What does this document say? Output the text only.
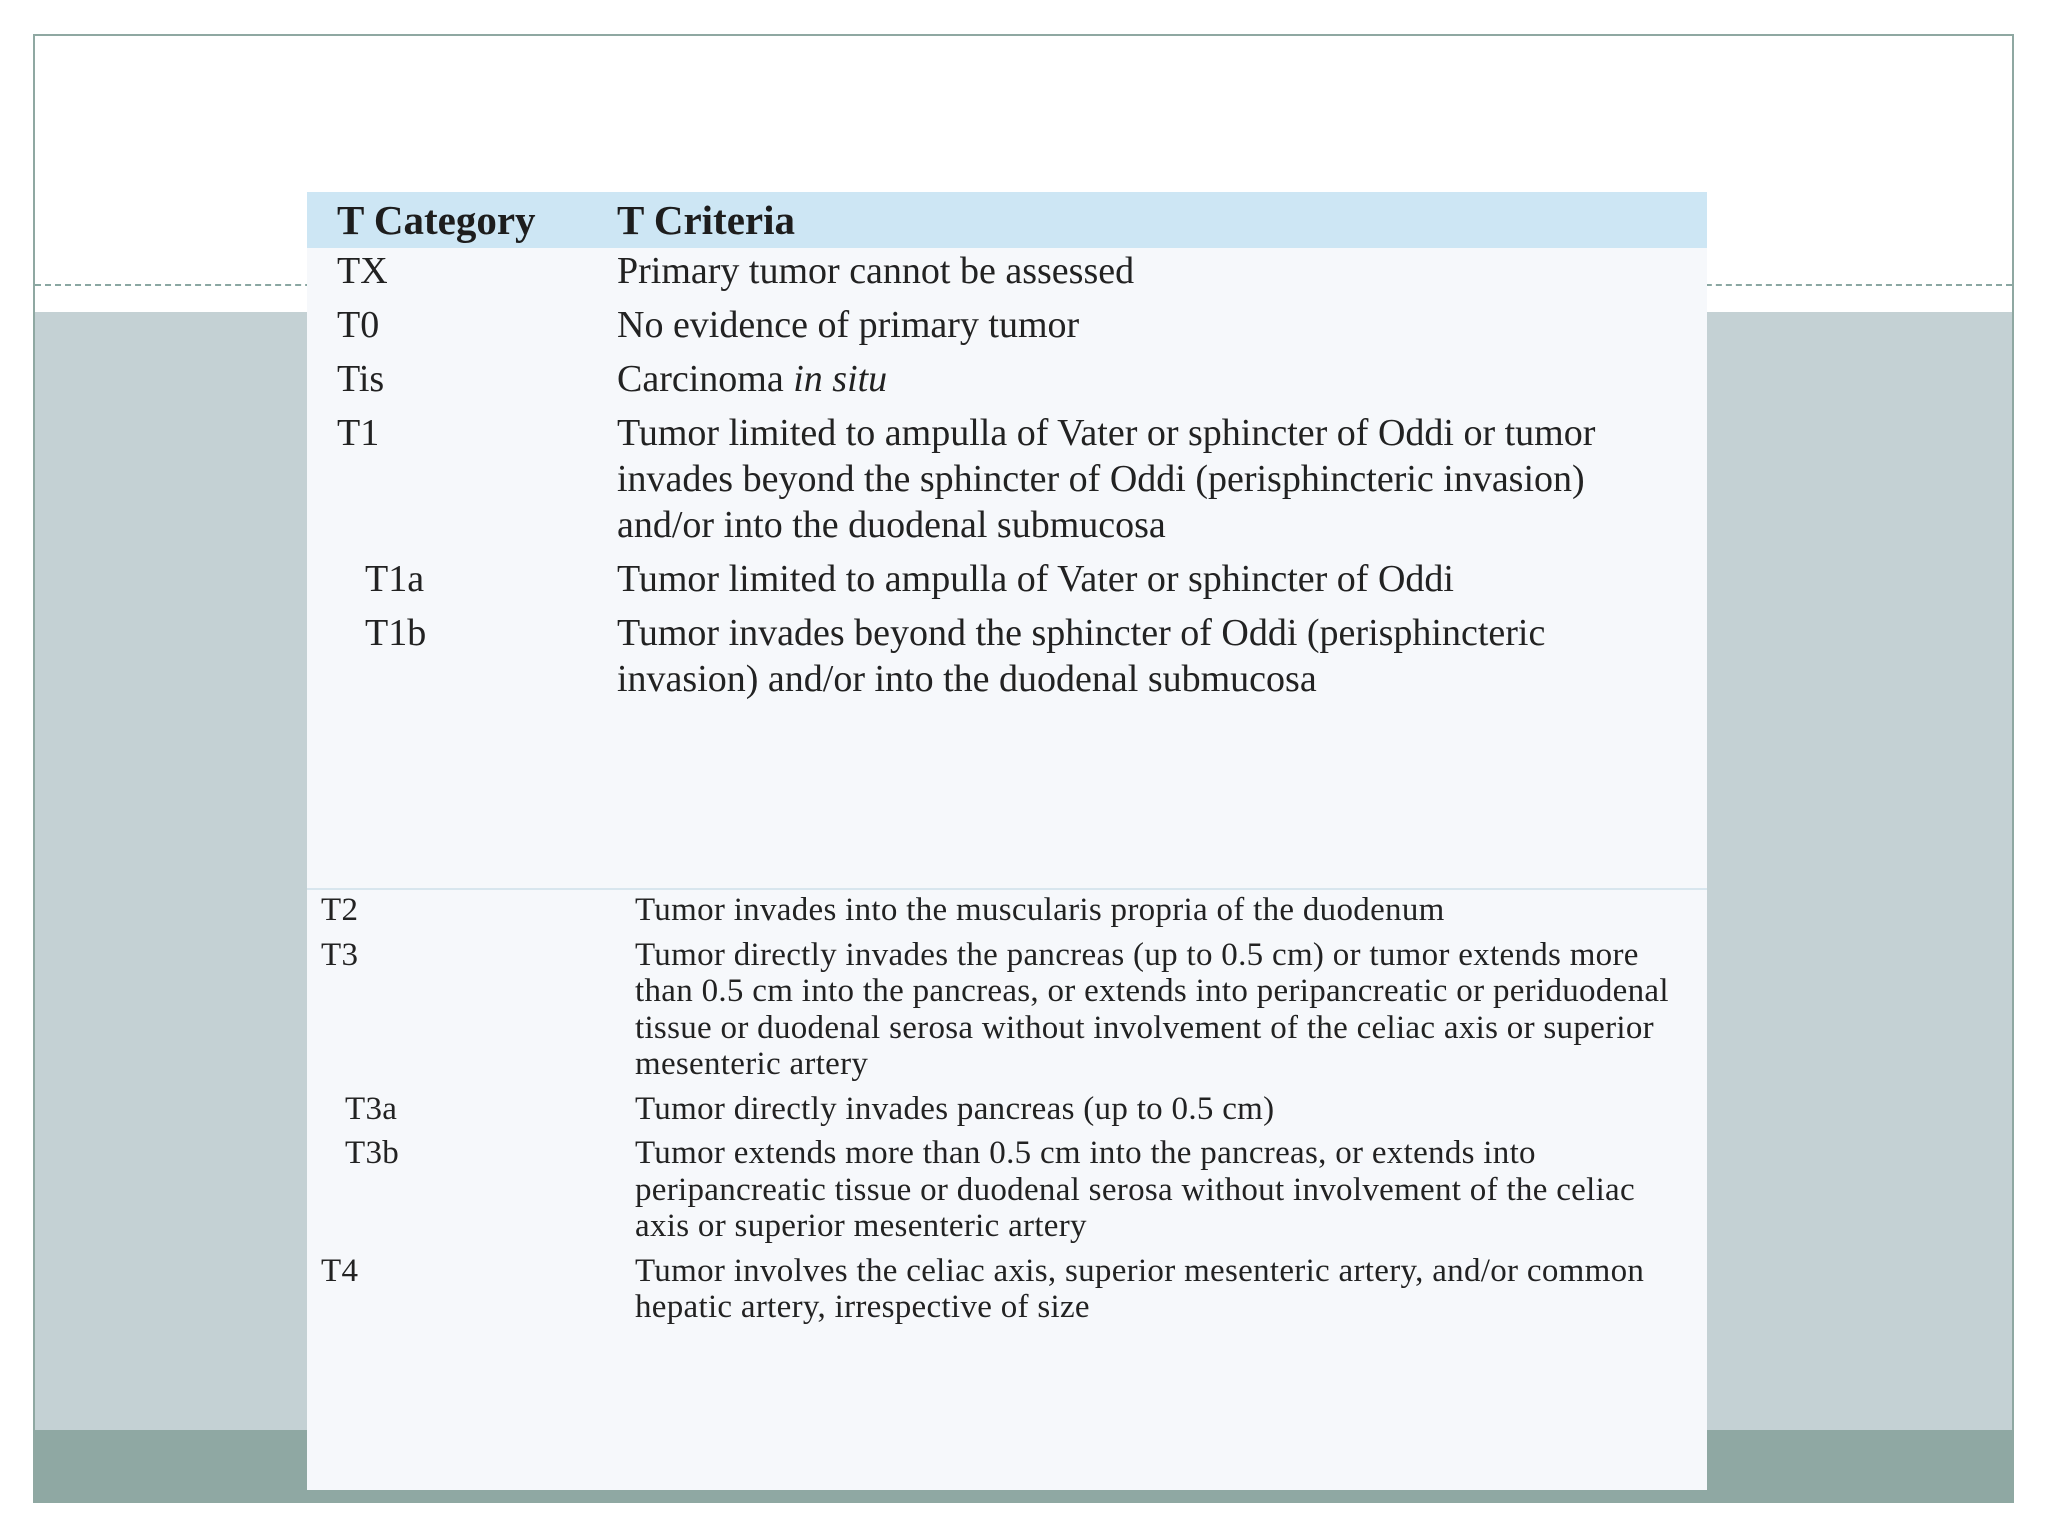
T Category	T Criteria
TX	Primary tumor cannot be assessed
T0	No evidence of primary tumor
Tis	Carcinoma in situ
T1	Tumor limited to ampulla of Vater or sphincter of Oddi or tumor invades beyond the sphincter of Oddi (perisphincteric invasion) and/or into the duodenal submucosa
T1a	Tumor limited to ampulla of Vater or sphincter of Oddi
T1b	Tumor invades beyond the sphincter of Oddi (perisphincteric invasion) and/or into the duodenal submucosa
T2	Tumor invades into the muscularis propria of the duodenum
T3	Tumor directly invades the pancreas (up to 0.5 cm) or tumor extends more than 0.5 cm into the pancreas, or extends into peripancreatic or periduodenal tissue or duodenal serosa without involvement of the celiac axis or superior mesenteric artery
T3a	Tumor directly invades pancreas (up to 0.5 cm)
T3b	Tumor extends more than 0.5 cm into the pancreas, or extends into peripancreatic tissue or duodenal serosa without involvement of the celiac axis or superior mesenteric artery
T4	Tumor involves the celiac axis, superior mesenteric artery, and/or common hepatic artery, irrespective of size
